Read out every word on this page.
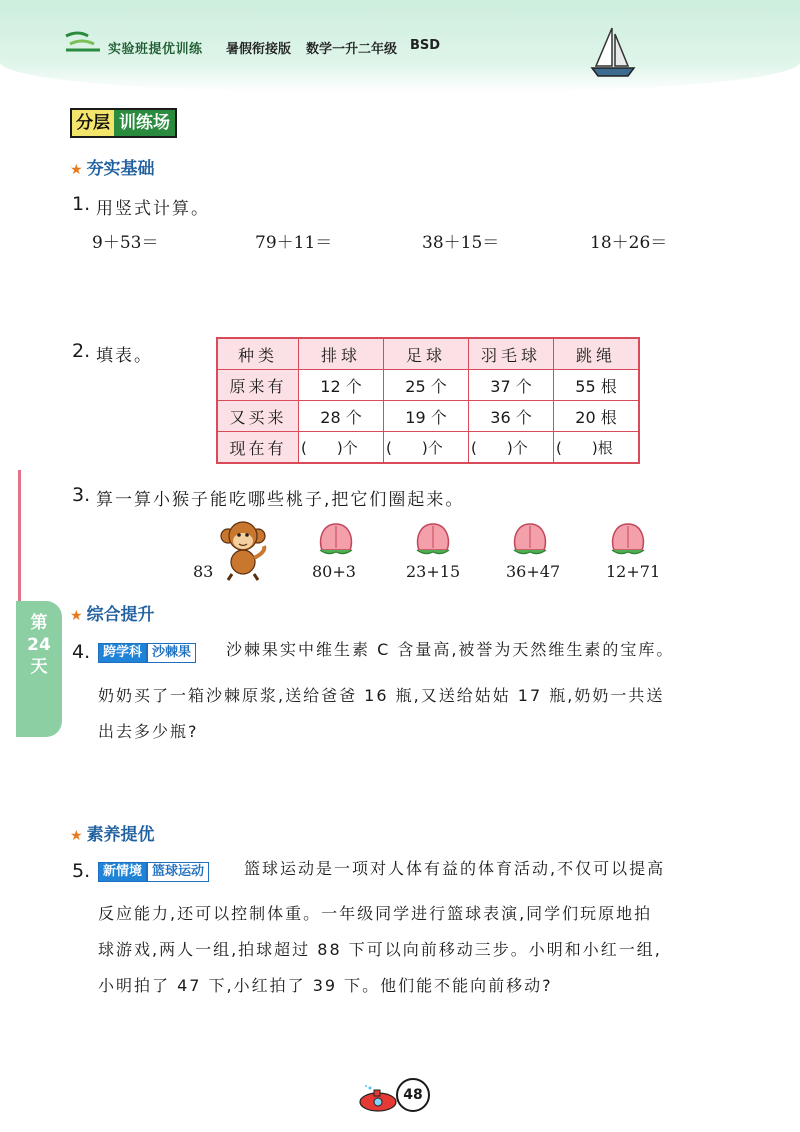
实验班提优训练 暑假衔接版 数学一升二年级 BSD
分层 训练场
★ 夯实基础
1. 用竖式计算。
9＋53＝	79＋11＝	38＋15＝	18＋26＝
2. 填表。	种类	排球	足球	羽毛球	跳绳
原来有	12 个	25 个	37 个	55 根
又买来	28 个	19 个	36 个	20 根
现在有	(　　)个	(　　)个	(　　)个	(　　)根
3. 算一算小猴子能吃哪些桃子,把它们圈起来。
83	80+3	23+15	36+47	12+71
第
24
天
★ 综合提升
4. 跨学科 沙棘果	沙棘果实中维生素 C 含量高,被誉为天然维生素的宝库。
奶奶买了一箱沙棘原浆,送给爸爸 16 瓶,又送给姑姑 17 瓶,奶奶一共送
出去多少瓶?
★ 素养提优
5. 新情境 篮球运动	篮球运动是一项对人体有益的体育活动,不仅可以提高
反应能力,还可以控制体重。一年级同学进行篮球表演,同学们玩原地拍
球游戏,两人一组,拍球超过 88 下可以向前移动三步。小明和小红一组,
小明拍了 47 下,小红拍了 39 下。他们能不能向前移动?
48
